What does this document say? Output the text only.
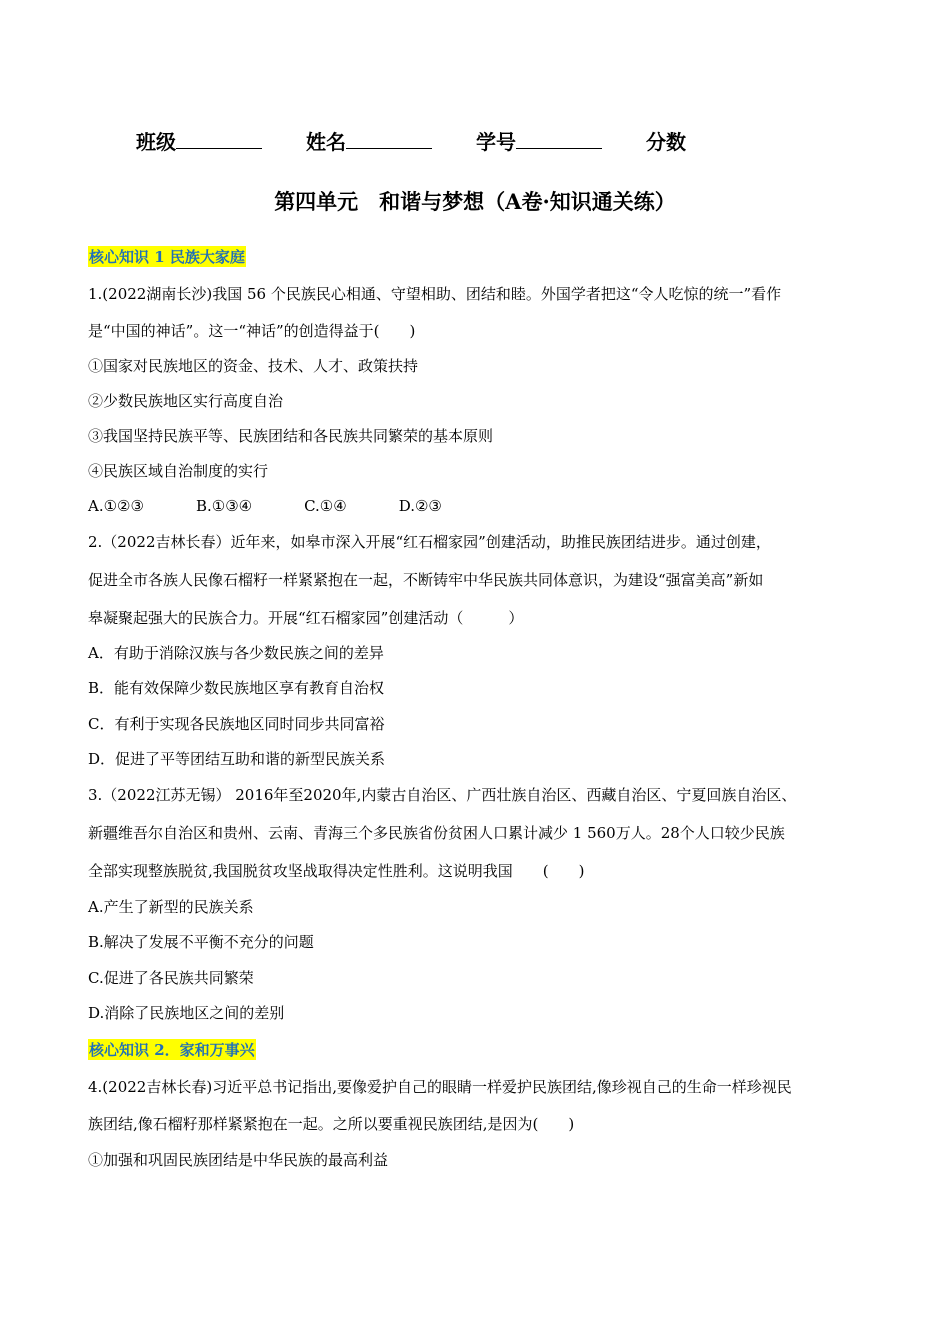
班级	姓名	学号	分数
第四单元　和谐与梦想（A卷·知识通关练）
核心知识 1 民族大家庭
1.(2022湖南长沙)我国 56 个民族民心相通、守望相助、团结和睦。外国学者把这“令人吃惊的统一”看作
是“中国的神话”。这一“神话”的创造得益于(　　)
①国家对民族地区的资金、技术、人才、政策扶持
②少数民族地区实行高度自治
③我国坚持民族平等、民族团结和各民族共同繁荣的基本原则
④民族区域自治制度的实行
A.①②③	B.①③④	C.①④	D.②③
2.（2022吉林长春）近年来，如皋市深入开展“红石榴家园”创建活动，助推民族团结进步。通过创建，
促进全市各族人民像石榴籽一样紧紧抱在一起，不断铸牢中华民族共同体意识，为建设“强富美高”新如
皋凝聚起强大的民族合力。开展“红石榴家园”创建活动（　　　）
A．有助于消除汉族与各少数民族之间的差异
B．能有效保障少数民族地区享有教育自治权
C．有利于实现各民族地区同时同步共同富裕
D．促进了平等团结互助和谐的新型民族关系
3.（2022江苏无锡） 2016年至2020年,内蒙古自治区、广西壮族自治区、西藏自治区、宁夏回族自治区、
新疆维吾尔自治区和贵州、云南、青海三个多民族省份贫困人口累计减少 1 560万人。28个人口较少民族
全部实现整族脱贫,我国脱贫攻坚战取得决定性胜利。这说明我国　　(　　)
A.产生了新型的民族关系
B.解决了发展不平衡不充分的问题
C.促进了各民族共同繁荣
D.消除了民族地区之间的差别
核心知识 2．家和万事兴
4.(2022吉林长春)习近平总书记指出,要像爱护自己的眼睛一样爱护民族团结,像珍视自己的生命一样珍视民
族团结,像石榴籽那样紧紧抱在一起。之所以要重视民族团结,是因为(　　)
①加强和巩固民族团结是中华民族的最高利益
